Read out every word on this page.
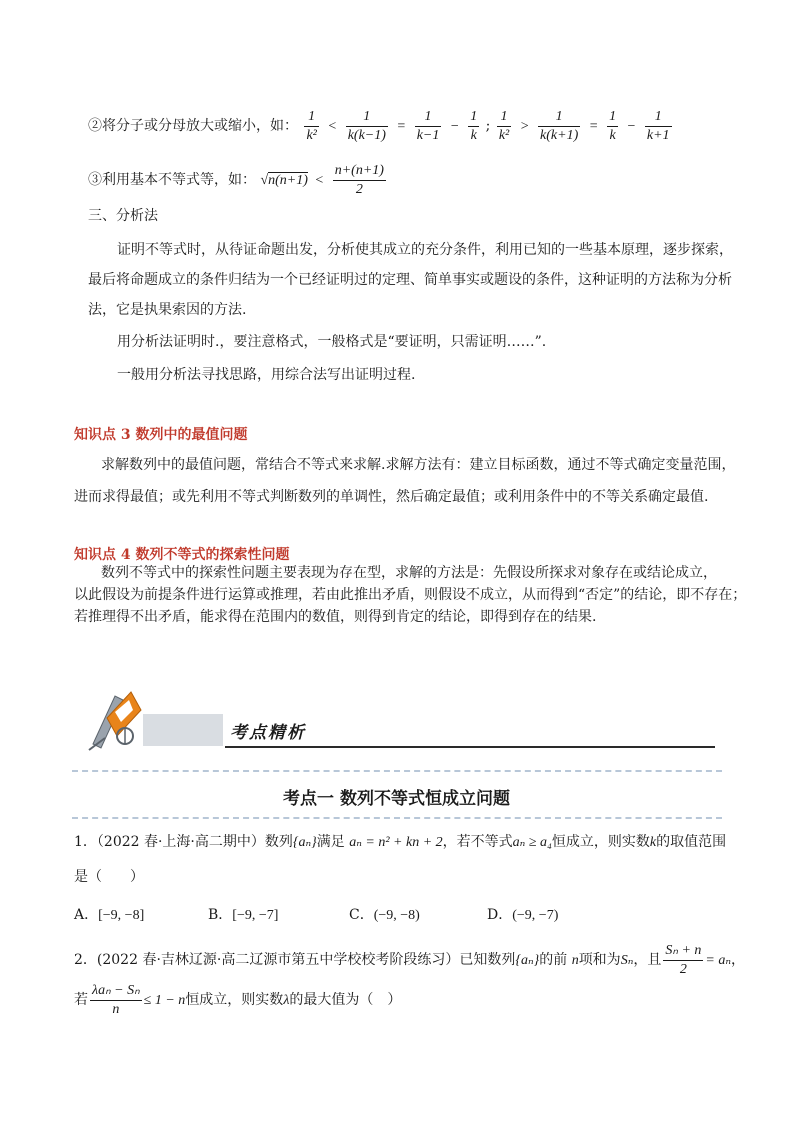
②将分子或分母放大或缩小，如： $\frac{1}{\text{k²}} < \frac{1}{k(k-1)} = \frac{1}{k-1} - \frac{1}{k}$ ; $\frac{1}{\text{k²}} > \frac{1}{k(k+1)} = \frac{1}{k} - \frac{1}{k+1}$
③利用基本不等式等，如： $√n(n+1) < \frac{n+(n+1)}{2}$
三、分析法
证明不等式时，从待证命题出发，分析使其成立的充分条件，利用已知的一些基本原理，逐步探索，
最后将命题成立的条件归结为一个已经证明过的定理、简单事实或题设的条件，这种证明的方法称为分析
法，它是执果索因的方法.
用分析法证明时.，要注意格式，一般格式是“要证明，只需证明……”.
一般用分析法寻找思路，用综合法写出证明过程.
知识点 3 数列中的最值问题
求解数列中的最值问题，常结合不等式来求解.求解方法有：建立目标函数，通过不等式确定变量范围，
进而求得最值；或先利用不等式判断数列的单调性，然后确定最值；或利用条件中的不等关系确定最值.
知识点 4 数列不等式的探索性问题
数列不等式中的探索性问题主要表现为存在型，求解的方法是：先假设所探求对象存在或结论成立，
以此假设为前提条件进行运算或推理，若由此推出矛盾，则假设不成立，从而得到“否定”的结论，即不存在；
若推理得不出矛盾，能求得在范围内的数值，则得到肯定的结论，即得到存在的结果.
考点精析
考点一 数列不等式恒成立问题
1．（2022 春·上海·高二期中）数列{aₙ}满足 aₙ = n² + kn + 2，若不等式aₙ ≥ a₄恒成立，则实数k的取值范围
是（　　）
A．[−9, −8]	B．[−9, −7]	C．(−9, −8)	D．(−9, −7)
2．(2022 春·吉林辽源·高二辽源市第五中学校校考阶段练习）已知数列{aₙ}的前 n项和为Sₙ，且 $\frac{\text{Sₙ + n}}{2} = a_n$，
若 $\frac{\text{λaₙ − Sₙ}}{n} \le 1 - n$恒成立，则实数λ的最大值为（　）
